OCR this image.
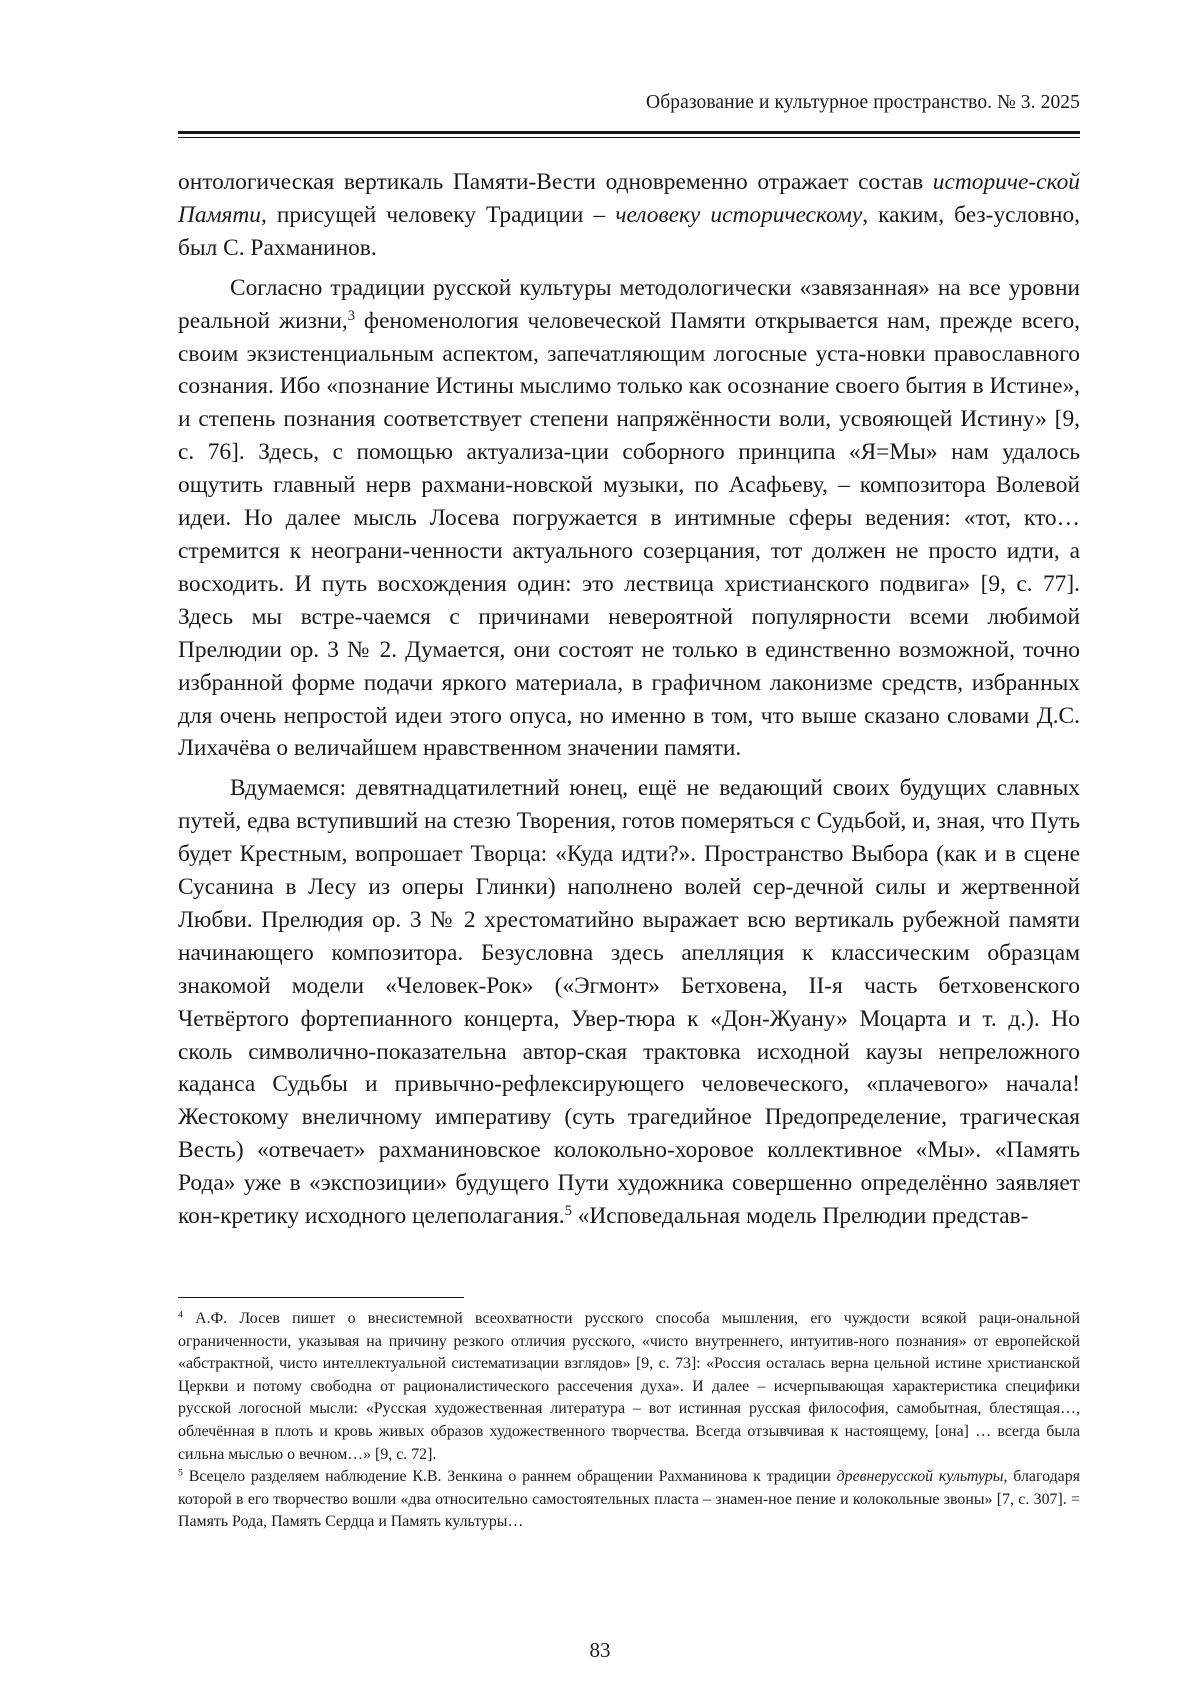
Образование и культурное пространство. № 3. 2025

онтологическая вертикаль Памяти-Вести одновременно отражает состав историче-ской Памяти, присущей человеку Традиции – человеку историческому, каким, без-условно, был С. Рахманинов.

Согласно традиции русской культуры методологически «завязанная» на все уровни реальной жизни,$^3$ феноменология человеческой Памяти открывается нам, прежде всего, своим экзистенциальным аспектом, запечатляющим логосные уста-новки православного сознания. Ибо «познание Истины мыслимо только как осознание своего бытия в Истине», и степень познания соответствует степени напряжённости воли, усвояющей Истину» [9, с. 76]. Здесь, с помощью актуализа-ции соборного принципа «Я=Мы» нам удалось ощутить главный нерв рахмани-новской музыки, по Асафьеву, – композитора Волевой идеи. Но далее мысль Лосева погружается в интимные сферы ведения: «тот, кто…стремится к неограни-ченности актуального созерцания, тот должен не просто идти, а восходить. И путь восхождения один: это лествица христианского подвига» [9, с. 77]. Здесь мы встре-чаемся с причинами невероятной популярности всеми любимой Прелюдии ор. 3 № 2. Думается, они состоят не только в единственно возможной, точно избранной форме подачи яркого материала, в графичном лаконизме средств, избранных для очень непростой идеи этого опуса, но именно в том, что выше сказано словами Д.С. Лихачёва о величайшем нравственном значении памяти.

Вдумаемся: девятнадцатилетний юнец, ещё не ведающий своих будущих славных путей, едва вступивший на стезю Творения, готов померяться с Судьбой, и, зная, что Путь будет Крестным, вопрошает Творца: «Куда идти?». Пространство Выбора (как и в сцене Сусанина в Лесу из оперы Глинки) наполнено волей сер-дечной силы и жертвенной Любви. Прелюдия ор. 3 № 2 хрестоматийно выражает всю вертикаль рубежной памяти начинающего композитора. Безусловна здесь апелляция к классическим образцам знакомой модели «Человек-Рок» («Эгмонт» Бетховена, II-я часть бетховенского Четвёртого фортепианного концерта, Увер-тюра к «Дон-Жуану» Моцарта и т. д.). Но сколь символично-показательна автор-ская трактовка исходной каузы непреложного каданса Судьбы и привычно-рефлексирующего человеческого, «плачевого» начала! Жестокому внеличному императиву (суть трагедийное Предопределение, трагическая Весть) «отвечает» рахманиновское колокольно-хоровое коллективное «Мы». «Память Рода» уже в «экспозиции» будущего Пути художника совершенно определённо заявляет кон-кретику исходного целеполагания.$^5$ «Исповедальная модель Прелюдии представ-

$^4$ А.Ф. Лосев пишет о внесистемной всеохватности русского способа мышления, его чуждости всякой раци-ональной ограниченности, указывая на причину резкого отличия русского, «чисто внутреннего, интуитив-ного познания» от европейской «абстрактной, чисто интеллектуальной систематизации взглядов» [9, с. 73]: «Россия осталась верна цельной истине христианской Церкви и потому свободна от рационалистического рассечения духа». И далее – исчерпывающая характеристика специфики русской логосной мысли: «Русская художественная литература – вот истинная русская философия, самобытная, блестящая…, облечённая в плоть и кровь живых образов художественного творчества. Всегда отзывчивая к настоящему, [она] … всегда была сильна мыслью о вечном…» [9, с. 72].

$^5$ Всецело разделяем наблюдение К.В. Зенкина о раннем обращении Рахманинова к традиции древнерусской культуры, благодаря которой в его творчество вошли «два относительно самостоятельных пласта – знамен-ное пение и колокольные звоны» [7, с. 307]. = Память Рода, Память Сердца и Память культуры…

83
